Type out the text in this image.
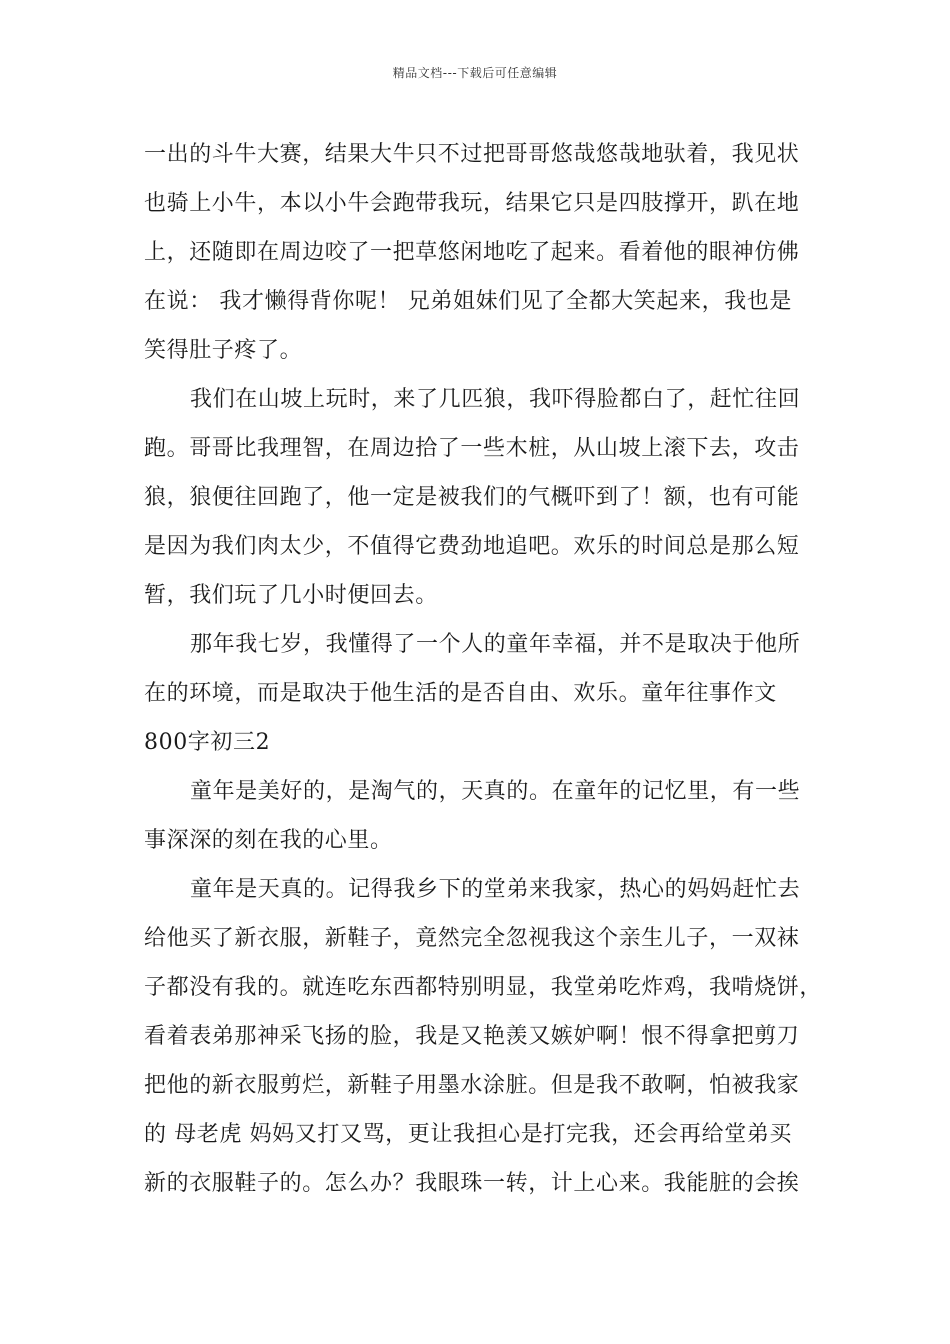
精品文档---下载后可任意编辑
一出的斗牛大赛，结果大牛只不过把哥哥悠哉悠哉地驮着，我见状
也骑上小牛，本以小牛会跑带我玩，结果它只是四肢撑开，趴在地
上，还随即在周边咬了一把草悠闲地吃了起来。看着他的眼神仿佛
在说： 我才懒得背你呢！ 兄弟姐妹们见了全都大笑起来，我也是
笑得肚子疼了。
我们在山坡上玩时，来了几匹狼，我吓得脸都白了，赶忙往回
跑。哥哥比我理智，在周边拾了一些木桩，从山坡上滚下去，攻击
狼，狼便往回跑了，他一定是被我们的气概吓到了！额，也有可能
是因为我们肉太少，不值得它费劲地追吧。欢乐的时间总是那么短
暂，我们玩了几小时便回去。
那年我七岁，我懂得了一个人的童年幸福，并不是取决于他所
在的环境，而是取决于他生活的是否自由、欢乐。童年往事作文
800字初三2
童年是美好的，是淘气的，天真的。在童年的记忆里，有一些
事深深的刻在我的心里。
童年是天真的。记得我乡下的堂弟来我家，热心的妈妈赶忙去
给他买了新衣服，新鞋子，竟然完全忽视我这个亲生儿子，一双袜
子都没有我的。就连吃东西都特别明显，我堂弟吃炸鸡，我啃烧饼，
看着表弟那神采飞扬的脸，我是又艳羡又嫉妒啊！恨不得拿把剪刀
把他的新衣服剪烂，新鞋子用墨水涂脏。但是我不敢啊，怕被我家
的 母老虎 妈妈又打又骂，更让我担心是打完我，还会再给堂弟买
新的衣服鞋子的。怎么办？我眼珠一转，计上心来。我能脏的会挨
